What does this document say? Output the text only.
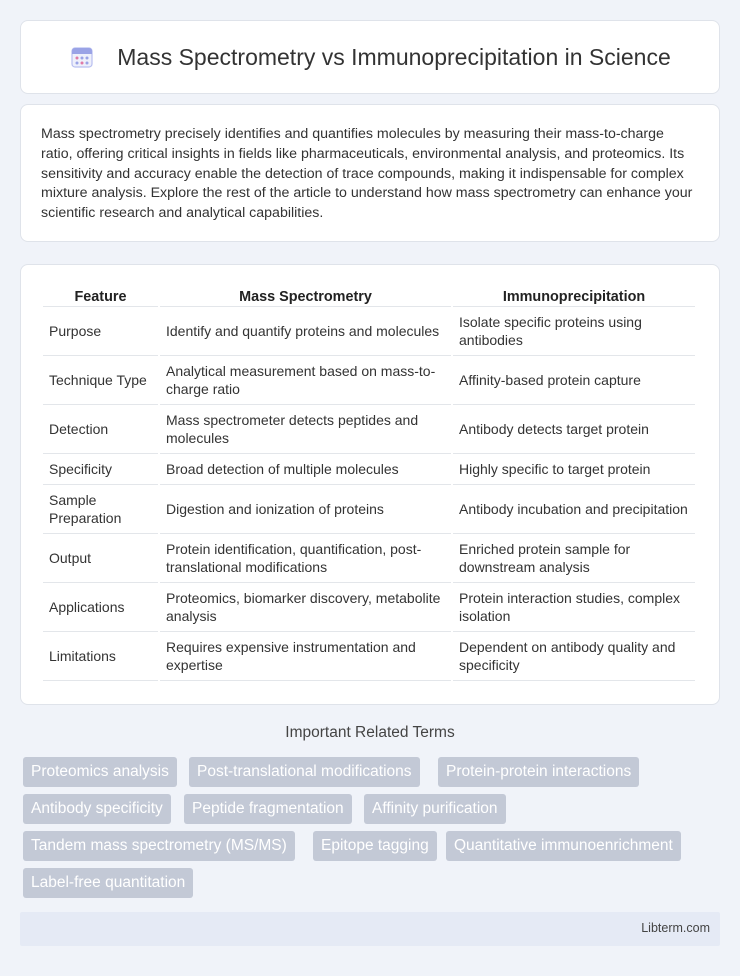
Mass Spectrometry vs Immunoprecipitation in Science

Mass spectrometry precisely identifies and quantifies molecules by measuring their mass-to-charge ratio, offering critical insights in fields like pharmaceuticals, environmental analysis, and proteomics. Its sensitivity and accuracy enable the detection of trace compounds, making it indispensable for complex mixture analysis. Explore the rest of the article to understand how mass spectrometry can enhance your scientific research and analytical capabilities.

Feature	Mass Spectrometry	Immunoprecipitation
Purpose	Identify and quantify proteins and molecules	Isolate specific proteins using antibodies
Technique Type	Analytical measurement based on mass-to-charge ratio	Affinity-based protein capture
Detection	Mass spectrometer detects peptides and molecules	Antibody detects target protein
Specificity	Broad detection of multiple molecules	Highly specific to target protein
Sample Preparation	Digestion and ionization of proteins	Antibody incubation and precipitation
Output	Protein identification, quantification, post-translational modifications	Enriched protein sample for downstream analysis
Applications	Proteomics, biomarker discovery, metabolite analysis	Protein interaction studies, complex isolation
Limitations	Requires expensive instrumentation and expertise	Dependent on antibody quality and specificity
Important Related Terms
Proteomics analysis	Post-translational modifications	Protein-protein interactions
Antibody specificity	Peptide fragmentation	Affinity purification
Tandem mass spectrometry (MS/MS)	Epitope tagging	Quantitative immunoenrichment
Label-free quantitation
Libterm.com
